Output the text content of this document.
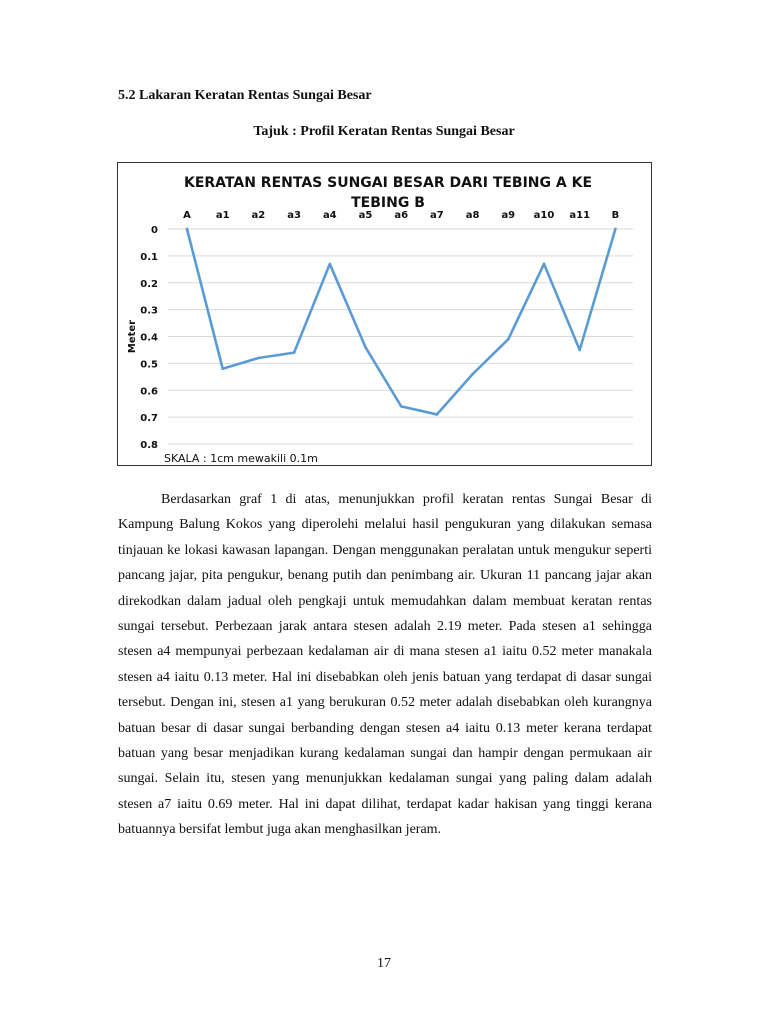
5.2 Lakaran Keratan Rentas Sungai Besar

Tajuk : Profil Keratan Rentas Sungai Besar

KERATAN RENTAS SUNGAI BESAR DARI TEBING A KE TEBING B

0
0.1
0.2
0.3
0.4
0.5
0.6
0.7
0.8
A a1 a2 a3 a4 a5 a6 a7 a8 a9 a10 a11 B
Meter

SKALA : 1cm mewakili 0.1m

Berdasarkan graf 1 di atas, menunjukkan profil keratan rentas Sungai Besar di Kampung Balung Kokos yang diperolehi melalui hasil pengukuran yang dilakukan semasa tinjauan ke lokasi kawasan lapangan. Dengan menggunakan peralatan untuk mengukur seperti pancang jajar, pita pengukur, benang putih dan penimbang air. Ukuran 11 pancang jajar akan direkodkan dalam jadual oleh pengkaji untuk memudahkan dalam membuat keratan rentas sungai tersebut. Perbezaan jarak antara stesen adalah 2.19 meter. Pada stesen a1 sehingga stesen a4 mempunyai perbezaan kedalaman air di mana stesen a1 iaitu 0.52 meter manakala stesen a4 iaitu 0.13 meter. Hal ini disebabkan oleh jenis batuan yang terdapat di dasar sungai tersebut. Dengan ini, stesen a1 yang berukuran 0.52 meter adalah disebabkan oleh kurangnya batuan besar di dasar sungai berbanding dengan stesen a4 iaitu 0.13 meter kerana terdapat batuan yang besar menjadikan kurang kedalaman sungai dan hampir dengan permukaan air sungai. Selain itu, stesen yang menunjukkan kedalaman sungai yang paling dalam adalah stesen a7 iaitu 0.69 meter. Hal ini dapat dilihat, terdapat kadar hakisan yang tinggi kerana batuannya bersifat lembut juga akan menghasilkan jeram.

17
